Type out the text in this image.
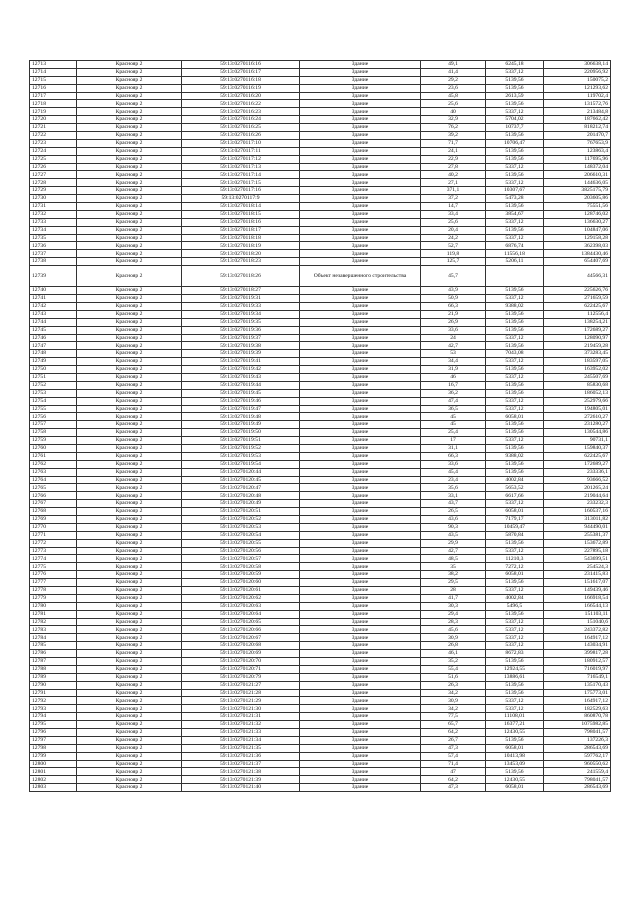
12713	Краснояр 2	59:13:0270116:16	Здание	49,1	6245,18	306638,14
12714	Краснояр 2	59:13:0270116:17	Здание	41,4	5337,12	220956,92
12715	Краснояр 2	59:13:0270116:18	Здание	29,2	5139,56	150075,2
12716	Краснояр 2	59:13:0270116:19	Здание	23,6	5139,56	121293,62
12717	Краснояр 2	59:13:0270116:20	Здание	45,8	2613,59	119702,4
12718	Краснояр 2	59:13:0270116:22	Здание	25,6	5139,56	131572,76
12719	Краснояр 2	59:13:0270116:23	Здание	40	5337,12	213484,8
12720	Краснояр 2	59:13:0270116:24	Здание	32,9	5704,02	187662,42
12721	Краснояр 2	59:13:0270116:25	Здание	76,2	10737,7	818212,74
12722	Краснояр 2	59:13:0270116:26	Здание	39,2	5139,56	201470,7
12723	Краснояр 2	59:13:0270117:10	Здание	71,7	10706,47	767653,9
12724	Краснояр 2	59:13:0270117:11	Здание	24,1	5139,56	123863,4
12725	Краснояр 2	59:13:0270117:12	Здание	22,9	5139,56	117695,96
12726	Краснояр 2	59:13:0270117:13	Здание	27,8	5337,12	148372,04
12727	Краснояр 2	59:13:0270117:14	Здание	40,2	5139,56	206610,31
12728	Краснояр 2	59:13:0270117:15	Здание	27,1	5337,12	144636,05
12729	Краснояр 2	59:13:0270117:16	Здание	371,1	10307,67	3825175,79
12730	Краснояр 2	59:13:0270117:9	Здание	37,2	5473,28	203605,86
12731	Краснояр 2	59:13:0270118:14	Здание	14,7	5139,56	75551,56
12732	Краснояр 2	59:13:0270118:15	Здание	33,4	3854,67	128746,02
12733	Краснояр 2	59:13:0270118:16	Здание	25,6	5337,12	136630,27
12734	Краснояр 2	59:13:0270118:17	Здание	20,4	5139,56	104847,06
12735	Краснояр 2	59:13:0270118:18	Здание	24,2	5337,12	129158,28
12736	Краснояр 2	59:13:0270118:19	Здание	52,7	6876,74	362398,03
12737	Краснояр 2	59:13:0270118:20	Здание	119,8	11556,18	1384430,46
12738	Краснояр 2	59:13:0270118:23	Здание	125,7	5206,11	654407,69
12739	Краснояр 2	59:13:0270118:26	Объект незавершенного строительства	45,7		44566,31
12740	Краснояр 2	59:13:0270118:27	Здание	43,9	5139,56	225626,76
12741	Краснояр 2	59:13:0270119:31	Здание	50,9	5337,12	271659,59
12742	Краснояр 2	59:13:0270119:33	Здание	66,3	9388,02	622425,67
12743	Краснояр 2	59:13:0270119:34	Здание	21,9	5139,56	112556,4
12744	Краснояр 2	59:13:0270119:35	Здание	26,9	5139,56	138254,21
12745	Краснояр 2	59:13:0270119:36	Здание	33,6	5139,56	172689,27
12746	Краснояр 2	59:13:0270119:37	Здание	24	5337,12	128090,97
12747	Краснояр 2	59:13:0270119:38	Здание	42,7	5139,56	219459,28
12748	Краснояр 2	59:13:0270119:39	Здание	53	7043,08	373283,45
12749	Краснояр 2	59:13:0270119:41	Здание	34,4	5337,12	183597,05
12750	Краснояр 2	59:13:0270119:42	Здание	31,9	5139,56	163952,02
12751	Краснояр 2	59:13:0270119:43	Здание	46	5337,12	245507,69
12752	Краснояр 2	59:13:0270119:44	Здание	16,7	5139,56	85830,68
12753	Краснояр 2	59:13:0270119:45	Здание	36,2	5139,56	186052,13
12754	Краснояр 2	59:13:0270119:46	Здание	47,4	5337,12	252979,66
12755	Краснояр 2	59:13:0270119:47	Здание	36,5	5337,12	194805,01
12756	Краснояр 2	59:13:0270119:48	Здание	45	6058,01	272610,27
12757	Краснояр 2	59:13:0270119:49	Здание	45	5139,56	231280,27
12758	Краснояр 2	59:13:0270119:50	Здание	25,4	5139,56	130544,86
12759	Краснояр 2	59:13:0270119:51	Здание	17	5337,12	90731,1
12760	Краснояр 2	59:13:0270119:52	Здание	31,1	5139,56	159840,37
12761	Краснояр 2	59:13:0270119:53	Здание	66,3	9388,02	622425,67
12762	Краснояр 2	59:13:0270119:54	Здание	33,6	5139,56	172689,27
12763	Краснояр 2	59:13:0270120:44	Здание	45,4	5139,56	233336,1
12764	Краснояр 2	59:13:0270120:45	Здание	23,4	4002,84	93666,52
12765	Краснояр 2	59:13:0270120:47	Здание	35,6	5653,52	201265,24
12766	Краснояр 2	59:13:0270120:48	Здание	33,1	6617,66	219044,64
12767	Краснояр 2	59:13:0270120:49	Здание	43,7	5337,12	233232,3
12768	Краснояр 2	59:13:0270120:51	Здание	26,5	6058,01	160537,16
12769	Краснояр 2	59:13:0270120:52	Здание	43,6	7179,17	313011,82
12770	Краснояр 2	59:13:0270120:53	Здание	90,3	10459,47	944490,01
12771	Краснояр 2	59:13:0270120:54	Здание	43,5	5870,84	255381,37
12772	Краснояр 2	59:13:0270120:55	Здание	29,9	5139,56	153672,89
12773	Краснояр 2	59:13:0270120:56	Здание	42,7	5337,12	227895,18
12774	Краснояр 2	59:13:0270120:57	Здание	48,5	11210,3	543699,51
12775	Краснояр 2	59:13:0270120:58	Здание	35	7272,12	254524,3
12776	Краснояр 2	59:13:0270120:59	Здание	38,2	6058,01	231415,83
12777	Краснояр 2	59:13:0270120:60	Здание	29,5	5139,56	151617,07
12778	Краснояр 2	59:13:0270120:61	Здание	28	5337,12	149439,46
12779	Краснояр 2	59:13:0270120:62	Здание	41,7	4002,84	166918,54
12780	Краснояр 2	59:13:0270120:63	Здание	30,3	5496,5	166544,13
12781	Краснояр 2	59:13:0270120:64	Здание	29,4	5139,56	151103,11
12782	Краснояр 2	59:13:0270120:65	Здание	28,3	5337,12	151040,6
12783	Краснояр 2	59:13:0270120:66	Здание	45,6	5337,12	243372,82
12784	Краснояр 2	59:13:0270120:67	Здание	30,9	5337,12	164917,12
12785	Краснояр 2	59:13:0270120:68	Здание	26,8	5337,12	143034,91
12786	Краснояр 2	59:13:0270120:69	Здание	46,1	8672,83	399817,28
12787	Краснояр 2	59:13:0270120:70	Здание	35,2	5139,56	180912,57
12788	Краснояр 2	59:13:0270120:71	Здание	55,4	12924,55	716019,97
12789	Краснояр 2	59:13:0270120:79	Здание	51,6	13886,61	716549,1
12790	Краснояр 2	59:13:0270121:27	Здание	26,3	5139,56	135170,43
12791	Краснояр 2	59:13:0270121:28	Здание	34,2	5139,56	175773,01
12792	Краснояр 2	59:13:0270121:29	Здание	30,9	5337,12	164917,12
12793	Краснояр 2	59:13:0270121:30	Здание	34,2	5337,12	182529,63
12794	Краснояр 2	59:13:0270121:31	Здание	77,5	11108,01	860870,78
12795	Краснояр 2	59:13:0270121:32	Здание	65,7	16377,21	1075982,85
12796	Краснояр 2	59:13:0270121:33	Здание	64,2	12430,55	798041,57
12797	Краснояр 2	59:13:0270121:34	Здание	26,7	5139,56	137226,3
12798	Краснояр 2	59:13:0270121:35	Здание	47,3	6058,01	286543,69
12799	Краснояр 2	59:13:0270121:36	Здание	57,4	10413,98	597762,17
12800	Краснояр 2	59:13:0270121:37	Здание	71,4	13453,09	960550,62
12801	Краснояр 2	59:13:0270121:38	Здание	47	5139,56	241559,4
12802	Краснояр 2	59:13:0270121:39	Здание	64,2	12430,55	798041,57
12803	Краснояр 2	59:13:0270121:40	Здание	47,3	6058,01	286543,69
